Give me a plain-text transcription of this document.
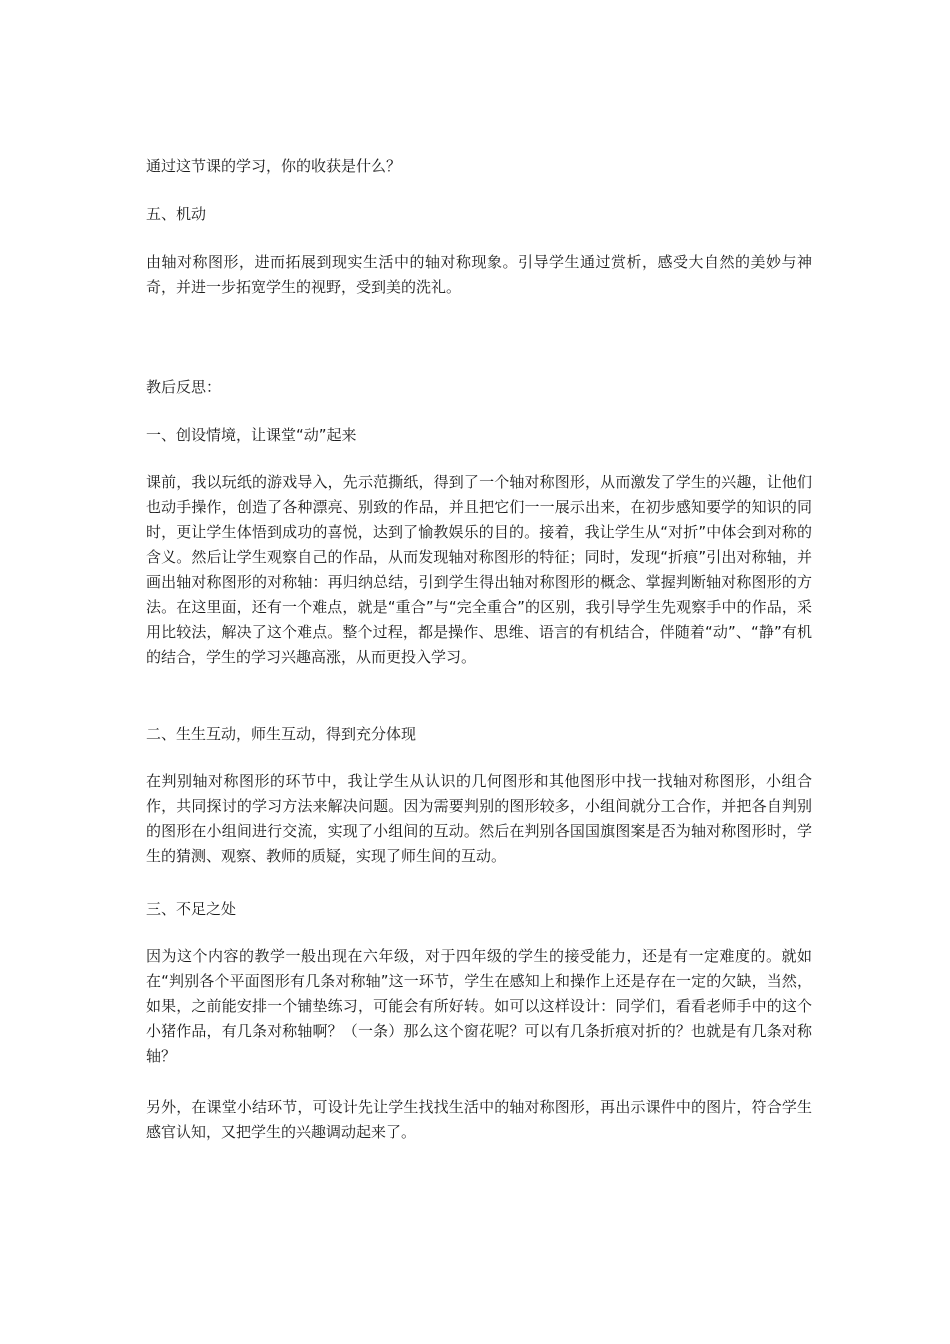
通过这节课的学习，你的收获是什么？

五、机动

由轴对称图形，进而拓展到现实生活中的轴对称现象。引导学生通过赏析，感受大自然的美妙与神奇，并进一步拓宽学生的视野，受到美的洗礼。

教后反思：

一、创设情境，让课堂“动”起来

课前，我以玩纸的游戏导入，先示范撕纸，得到了一个轴对称图形，从而激发了学生的兴趣，让他们也动手操作，创造了各种漂亮、别致的作品，并且把它们一一展示出来，在初步感知要学的知识的同时，更让学生体悟到成功的喜悦，达到了愉教娱乐的目的。接着，我让学生从“对折”中体会到对称的含义。然后让学生观察自己的作品，从而发现轴对称图形的特征；同时，发现“折痕”引出对称轴，并画出轴对称图形的对称轴：再归纳总结，引到学生得出轴对称图形的概念、掌握判断轴对称图形的方法。在这里面，还有一个难点，就是“重合”与“完全重合”的区别，我引导学生先观察手中的作品，采用比较法，解决了这个难点。整个过程，都是操作、思维、语言的有机结合，伴随着“动”、“静”有机的结合，学生的学习兴趣高涨，从而更投入学习。

二、生生互动，师生互动，得到充分体现

在判别轴对称图形的环节中，我让学生从认识的几何图形和其他图形中找一找轴对称图形，小组合作，共同探讨的学习方法来解决问题。因为需要判别的图形较多，小组间就分工合作，并把各自判别的图形在小组间进行交流，实现了小组间的互动。然后在判别各国国旗图案是否为轴对称图形时，学生的猜测、观察、教师的质疑，实现了师生间的互动。

三、不足之处

因为这个内容的教学一般出现在六年级，对于四年级的学生的接受能力，还是有一定难度的。就如在“判别各个平面图形有几条对称轴”这一环节，学生在感知上和操作上还是存在一定的欠缺，当然，如果，之前能安排一个铺垫练习，可能会有所好转。如可以这样设计：同学们，看看老师手中的这个小猪作品，有几条对称轴啊？（一条）那么这个窗花呢？可以有几条折痕对折的？也就是有几条对称轴？

另外，在课堂小结环节，可设计先让学生找找生活中的轴对称图形，再出示课件中的图片，符合学生感官认知，又把学生的兴趣调动起来了。
